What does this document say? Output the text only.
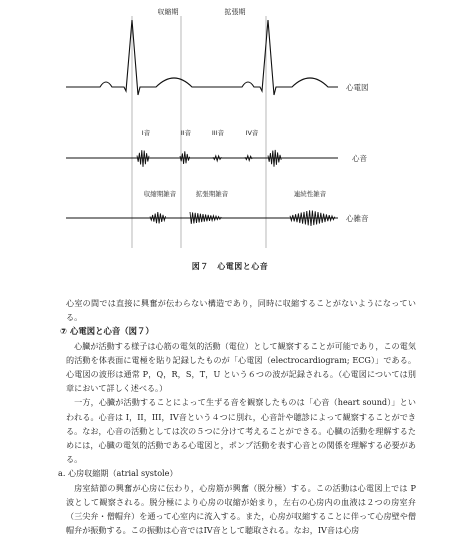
収縮期	拡張期
心電図
I音	II音	III音	IV音
心音
収縮期雑音	拡張期雑音	連続性雑音
心雑音
図７　心電図と心音

心室の間では直接に興奮が伝わらない構造であり，同時に収縮することがないようになっている。

⑦ 心電図と心音（図７）

心臓が活動する様子は心筋の電気的活動（電位）として観察することが可能であり，この電気的活動を体表面に電極を貼り記録したものが「心電図（electrocardiogram; ECG）」である。心電図の波形は通常 P，Q，R，S，T，U という６つの波が記録される。（心電図については別章において詳しく述べる。）

一方，心臓が活動することによって生ずる音を観察したものは「心音（heart sound）」といわれる。心音は I，II，III，IV音という４つに別れ，心音計や聴診によって観察することができる。なお，心音の活動としては次の５つに分けて考えることができる。心臓の活動を理解するためには，心臓の電気的活動である心電図と，ポンプ活動を表す心音との関係を理解する必要がある。

a. 心房収縮期（atrial systole）

房室結節の興奮が心房に伝わり，心房筋が興奮（脱分極）する。この活動は心電図上では P 波として観察される。脱分極により心房の収縮が始まり，左右の心房内の血液は２つの房室弁（三尖弁・僧帽弁）を通って心室内に流入する。また，心房が収縮することに伴って心房壁や僧帽弁が振動する。この振動は心音ではIV音として聴取される。なお，IV音は心房
